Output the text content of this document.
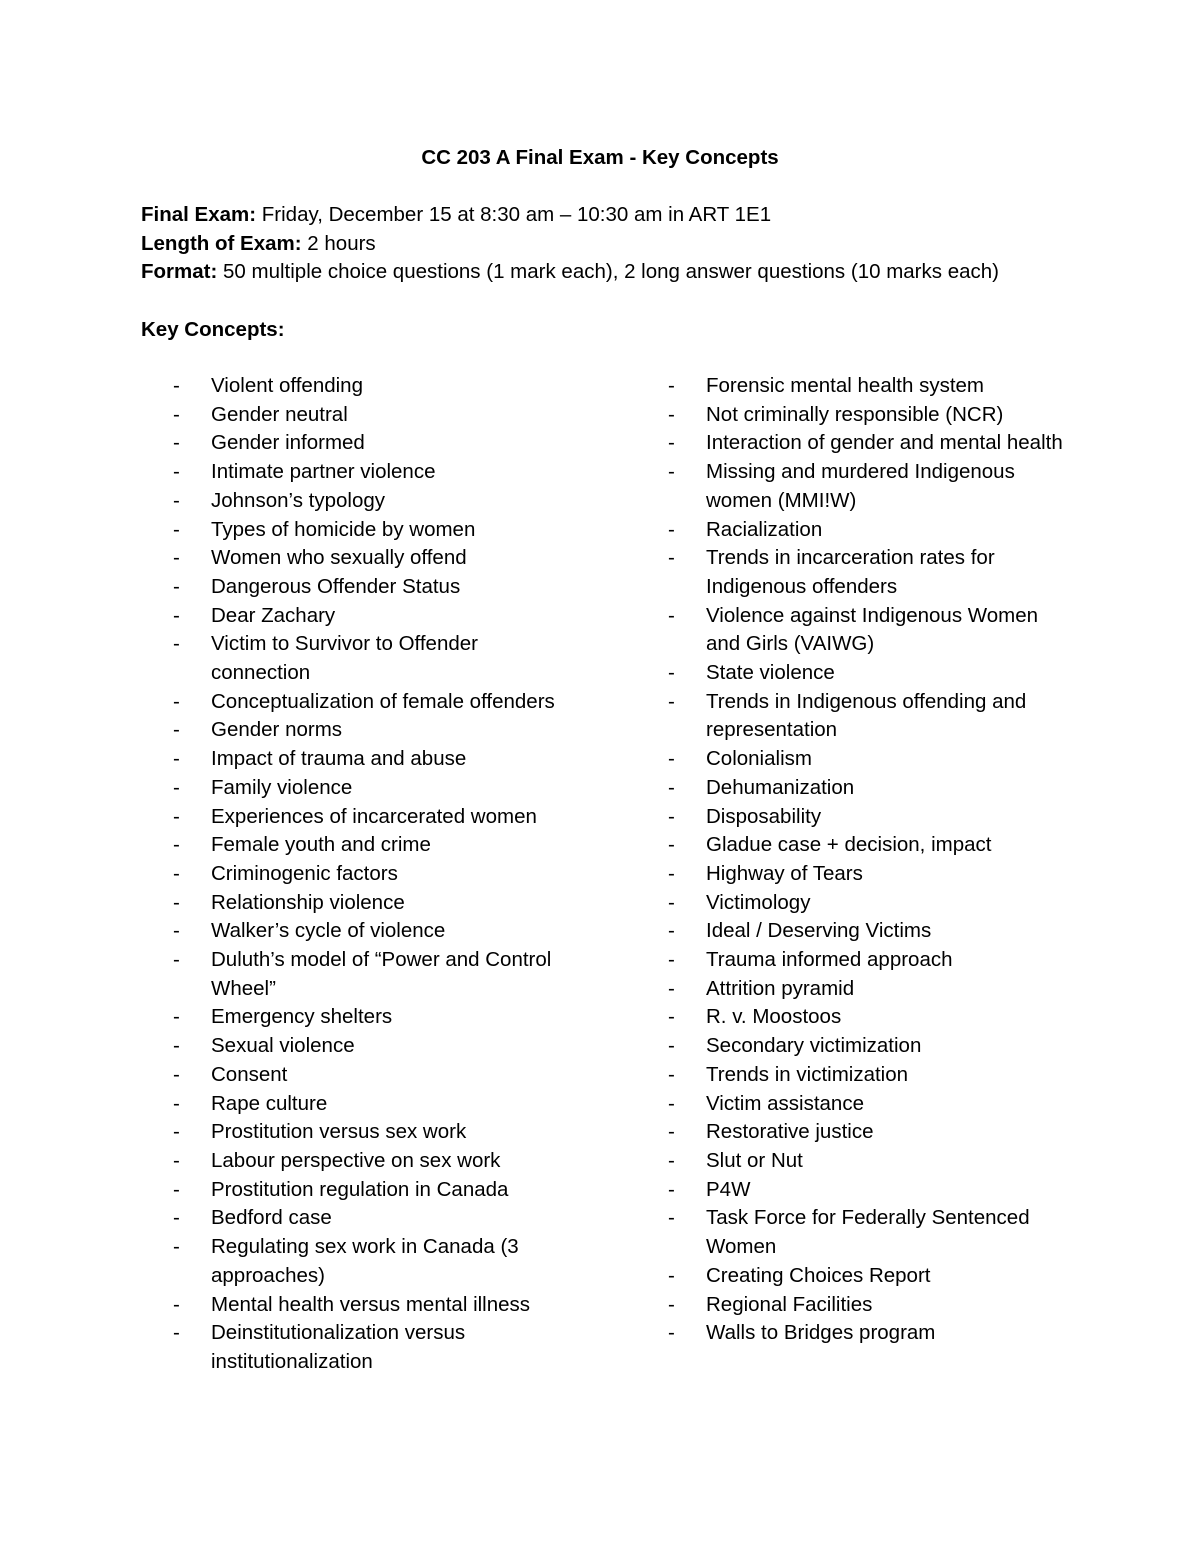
CC 203 A Final Exam - Key Concepts
Final Exam: Friday, December 15 at 8:30 am – 10:30 am in ART 1E1
Length of Exam: 2 hours
Format: 50 multiple choice questions (1 mark each), 2 long answer questions (10 marks each)
Key Concepts:
- Violent offending
- Gender neutral
- Gender informed
- Intimate partner violence
- Johnson’s typology
- Types of homicide by women
- Women who sexually offend
- Dangerous Offender Status
- Dear Zachary
- Victim to Survivor to Offender connection
- Conceptualization of female offenders
- Gender norms
- Impact of trauma and abuse
- Family violence
- Experiences of incarcerated women
- Female youth and crime
- Criminogenic factors
- Relationship violence
- Walker’s cycle of violence
- Duluth’s model of “Power and Control Wheel”
- Emergency shelters
- Sexual violence
- Consent
- Rape culture
- Prostitution versus sex work
- Labour perspective on sex work
- Prostitution regulation in Canada
- Bedford case
- Regulating sex work in Canada (3 approaches)
- Mental health versus mental illness
- Deinstitutionalization versus institutionalization
- Forensic mental health system
- Not criminally responsible (NCR)
- Interaction of gender and mental health
- Missing and murdered Indigenous women (MMI!W)
- Racialization
- Trends in incarceration rates for Indigenous offenders
- Violence against Indigenous Women and Girls (VAIWG)
- State violence
- Trends in Indigenous offending and representation
- Colonialism
- Dehumanization
- Disposability
- Gladue case + decision, impact
- Highway of Tears
- Victimology
- Ideal / Deserving Victims
- Trauma informed approach
- Attrition pyramid
- R. v. Moostoos
- Secondary victimization
- Trends in victimization
- Victim assistance
- Restorative justice
- Slut or Nut
- P4W
- Task Force for Federally Sentenced Women
- Creating Choices Report
- Regional Facilities
- Walls to Bridges program
